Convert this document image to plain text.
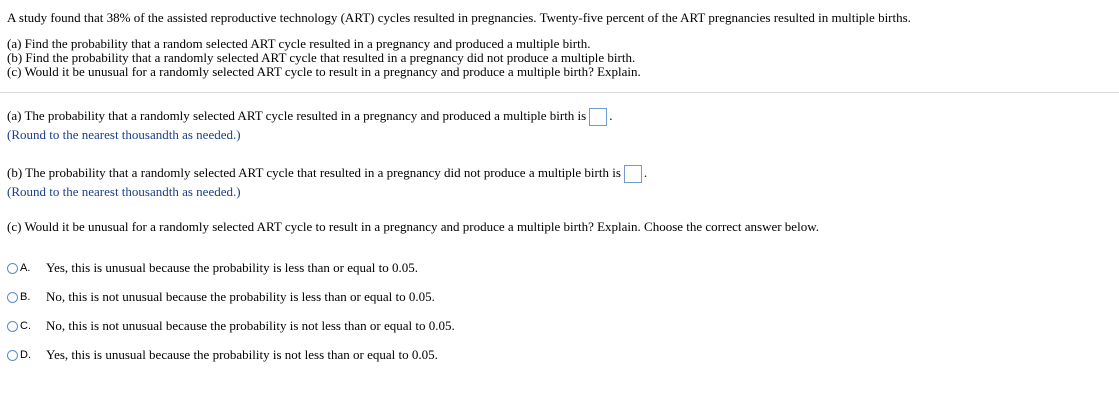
A study found that 38% of the assisted reproductive technology (ART) cycles resulted in pregnancies. Twenty-five percent of the ART pregnancies resulted in multiple births.
(a) Find the probability that a random selected ART cycle resulted in a pregnancy and produced a multiple birth.
(b) Find the probability that a randomly selected ART cycle that resulted in a pregnancy did not produce a multiple birth.
(c) Would it be unusual for a randomly selected ART cycle to result in a pregnancy and produce a multiple birth? Explain.
(a) The probability that a randomly selected ART cycle resulted in a pregnancy and produced a multiple birth is .
(Round to the nearest thousandth as needed.)
(b) The probability that a randomly selected ART cycle that resulted in a pregnancy did not produce a multiple birth is .
(Round to the nearest thousandth as needed.)
(c) Would it be unusual for a randomly selected ART cycle to result in a pregnancy and produce a multiple birth? Explain. Choose the correct answer below.
A.	Yes, this is unusual because the probability is less than or equal to 0.05.
B.	No, this is not unusual because the probability is less than or equal to 0.05.
C.	No, this is not unusual because the probability is not less than or equal to 0.05.
D.	Yes, this is unusual because the probability is not less than or equal to 0.05.
